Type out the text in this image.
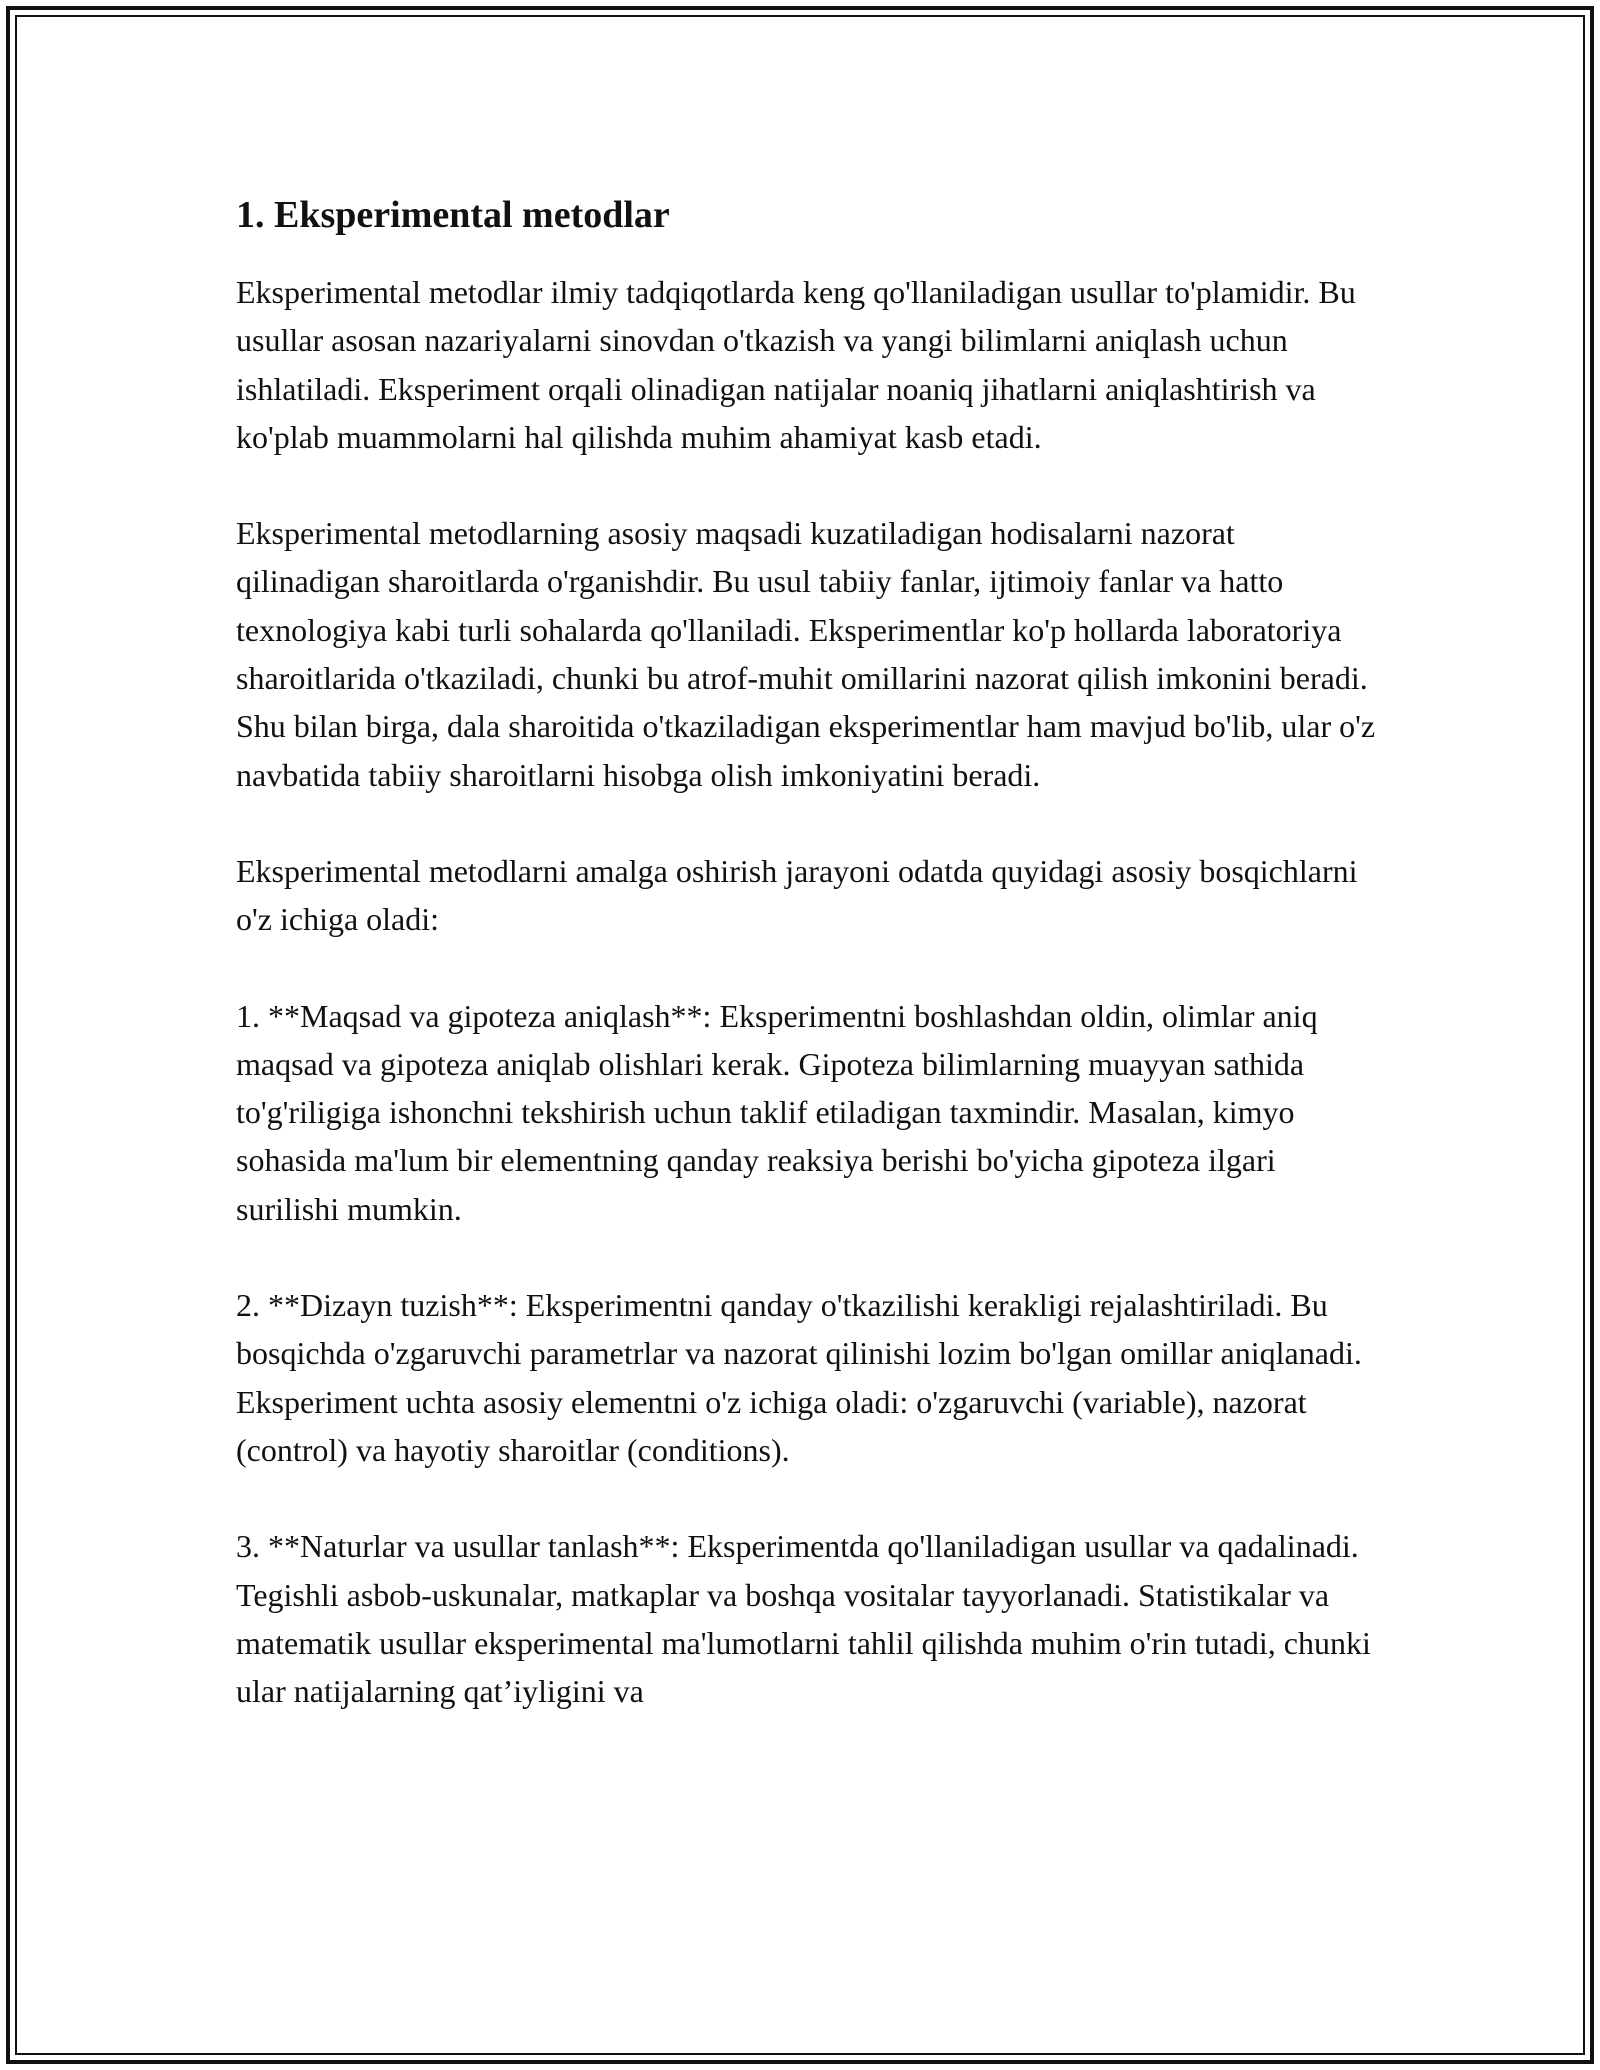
1. Eksperimental metodlar

Eksperimental metodlar ilmiy tadqiqotlarda keng qo'llaniladigan usullar to'plamidir. Bu usullar asosan nazariyalarni sinovdan o'tkazish va yangi bilimlarni aniqlash uchun ishlatiladi. Eksperiment orqali olinadigan natijalar noaniq jihatlarni aniqlashtirish va ko'plab muammolarni hal qilishda muhim ahamiyat kasb etadi.

Eksperimental metodlarning asosiy maqsadi kuzatiladigan hodisalarni nazorat qilinadigan sharoitlarda o'rganishdir. Bu usul tabiiy fanlar, ijtimoiy fanlar va hatto texnologiya kabi turli sohalarda qo'llaniladi. Eksperimentlar ko'p hollarda laboratoriya sharoitlarida o'tkaziladi, chunki bu atrof-muhit omillarini nazorat qilish imkonini beradi. Shu bilan birga, dala sharoitida o'tkaziladigan eksperimentlar ham mavjud bo'lib, ular o'z navbatida tabiiy sharoitlarni hisobga olish imkoniyatini beradi.

Eksperimental metodlarni amalga oshirish jarayoni odatda quyidagi asosiy bosqichlarni o'z ichiga oladi:

1. **Maqsad va gipoteza aniqlash**: Eksperimentni boshlashdan oldin, olimlar aniq maqsad va gipoteza aniqlab olishlari kerak. Gipoteza bilimlarning muayyan sathida to'g'riligiga ishonchni tekshirish uchun taklif etiladigan taxmindir. Masalan, kimyo sohasida ma'lum bir elementning qanday reaksiya berishi bo'yicha gipoteza ilgari surilishi mumkin.

2. **Dizayn tuzish**: Eksperimentni qanday o'tkazilishi kerakligi rejalashtiriladi. Bu bosqichda o'zgaruvchi parametrlar va nazorat qilinishi lozim bo'lgan omillar aniqlanadi. Eksperiment uchta asosiy elementni o'z ichiga oladi: o'zgaruvchi (variable), nazorat (control) va hayotiy sharoitlar (conditions).

3. **Naturlar va usullar tanlash**: Eksperimentda qo'llaniladigan usullar va qadalinadi. Tegishli asbob-uskunalar, matkaplar va boshqa vositalar tayyorlanadi. Statistikalar va matematik usullar eksperimental ma'lumotlarni tahlil qilishda muhim o'rin tutadi, chunki ular natijalarning qat’iyligini va
